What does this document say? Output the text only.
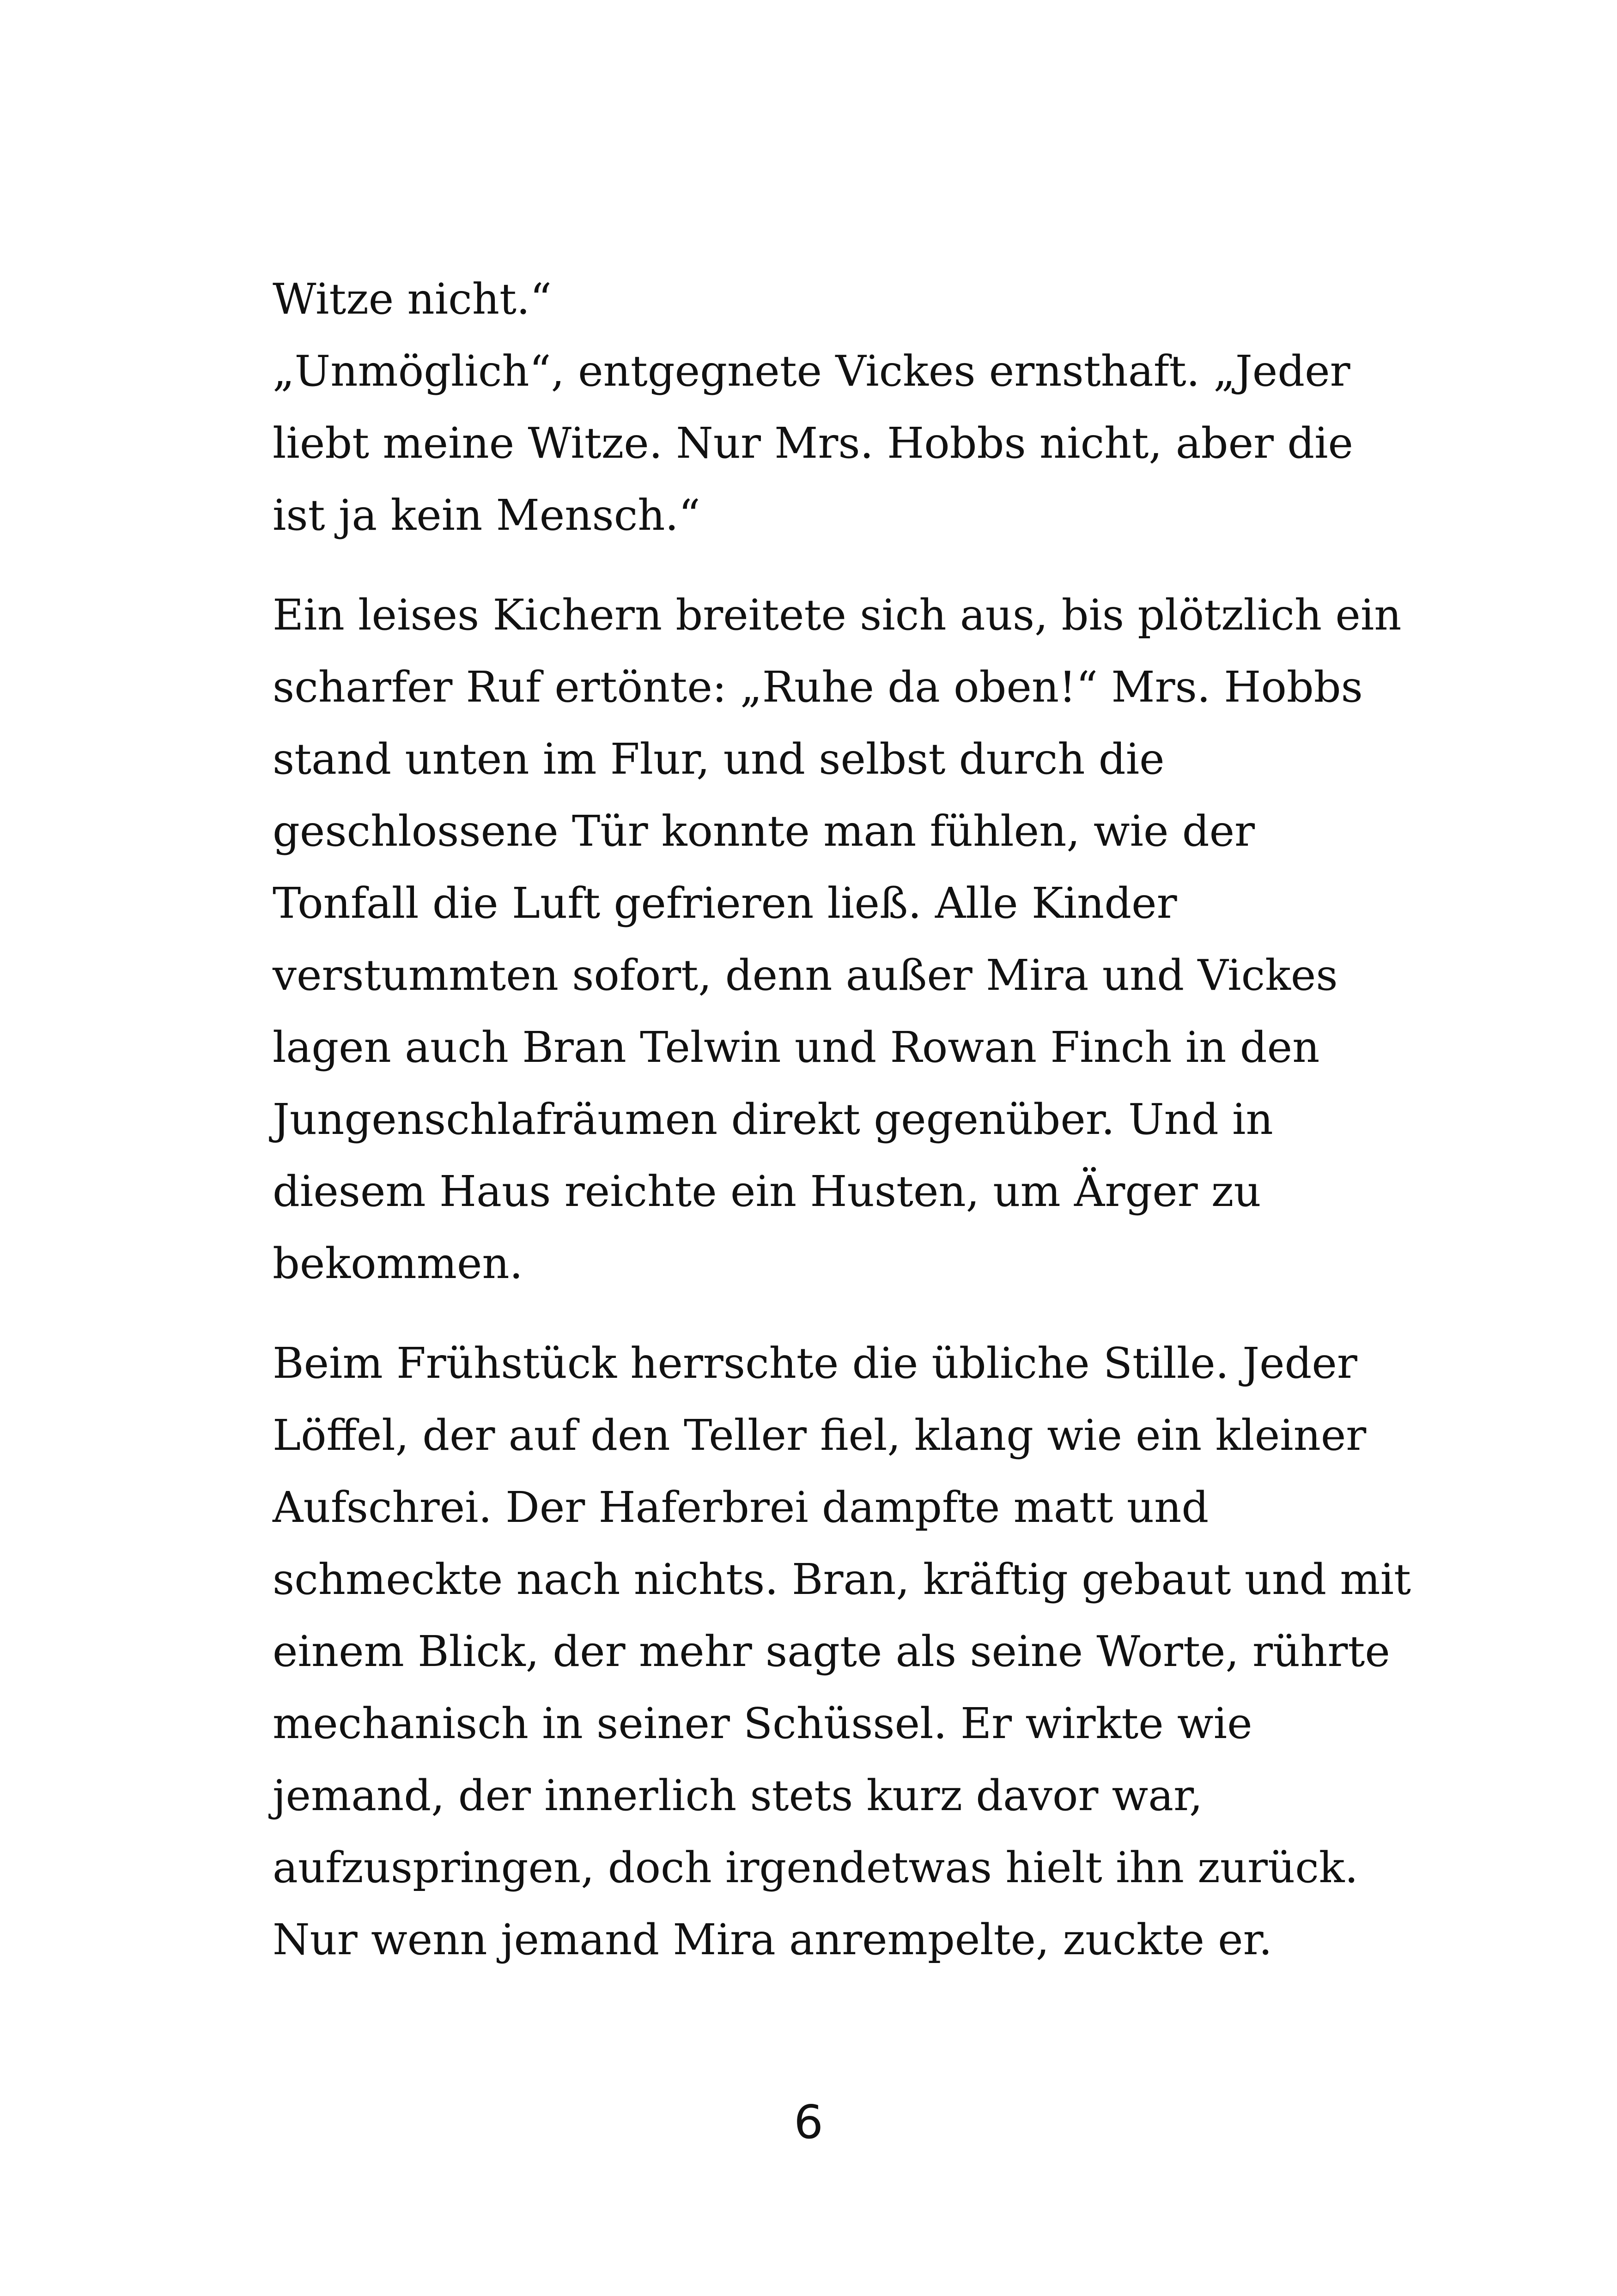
Witze nicht.“
„Unmöglich“, entgegnete Vickes ernsthaft. „Jeder
liebt meine Witze. Nur Mrs. Hobbs nicht, aber die
ist ja kein Mensch.“

Ein leises Kichern breitete sich aus, bis plötzlich ein
scharfer Ruf ertönte: „Ruhe da oben!“ Mrs. Hobbs
stand unten im Flur, und selbst durch die
geschlossene Tür konnte man fühlen, wie der
Tonfall die Luft gefrieren ließ. Alle Kinder
verstummten sofort, denn außer Mira und Vickes
lagen auch Bran Telwin und Rowan Finch in den
Jungenschlafräumen direkt gegenüber. Und in
diesem Haus reichte ein Husten, um Ärger zu
bekommen.

Beim Frühstück herrschte die übliche Stille. Jeder
Löffel, der auf den Teller fiel, klang wie ein kleiner
Aufschrei. Der Haferbrei dampfte matt und
schmeckte nach nichts. Bran, kräftig gebaut und mit
einem Blick, der mehr sagte als seine Worte, rührte
mechanisch in seiner Schüssel. Er wirkte wie
jemand, der innerlich stets kurz davor war,
aufzuspringen, doch irgendetwas hielt ihn zurück.
Nur wenn jemand Mira anrempelte, zuckte er.

6
